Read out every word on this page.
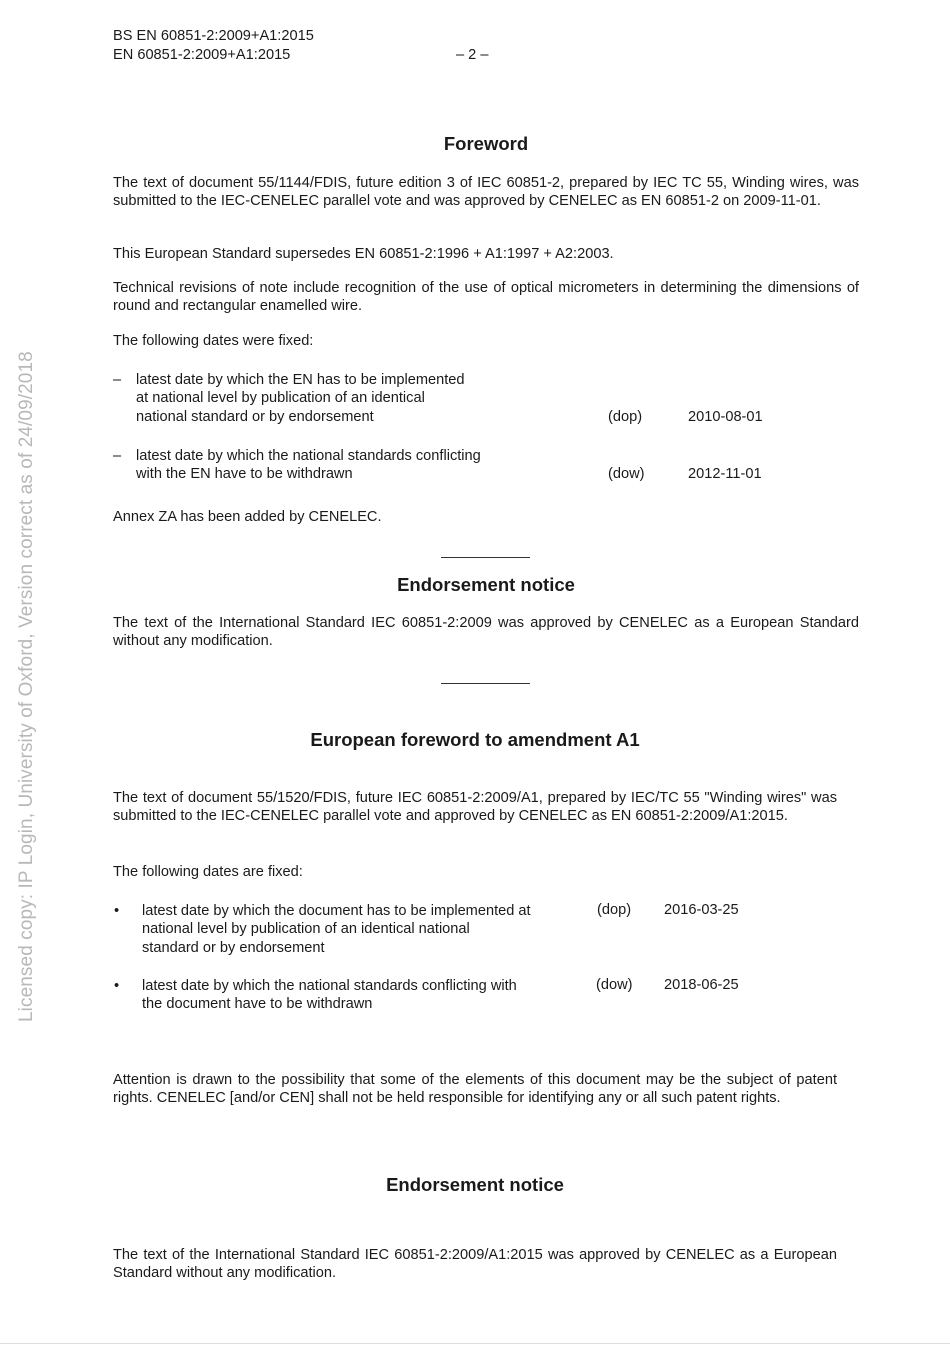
BS EN 60851-2:2009+A1:2015
EN 60851-2:2009+A1:2015	– 2 –
Licensed copy: IP Login, University of Oxford, Version correct as of 24/09/2018
Foreword

The text of document 55/1144/FDIS, future edition 3 of IEC 60851-2, prepared by IEC TC 55, Winding wires, was submitted to the IEC-CENELEC parallel vote and was approved by CENELEC as EN 60851-2 on 2009-11-01.

This European Standard supersedes EN 60851-2:1996 + A1:1997 + A2:2003.

Technical revisions of note include recognition of the use of optical micrometers in determining the dimensions of round and rectangular enamelled wire.

The following dates were fixed:

– latest date by which the EN has to be implemented
at national level by publication of an identical
national standard or by endorsement	(dop)	2010-08-01
– latest date by which the national standards conflicting
with the EN have to be withdrawn	(dow)	2012-11-01

Annex ZA has been added by CENELEC.

Endorsement notice

The text of the International Standard IEC 60851-2:2009 was approved by CENELEC as a European Standard without any modification.

European foreword to amendment A1

The text of document 55/1520/FDIS, future IEC 60851-2:2009/A1, prepared by IEC/TC 55 "Winding wires" was submitted to the IEC-CENELEC parallel vote and approved by CENELEC as EN 60851-2:2009/A1:2015.

The following dates are fixed:

• latest date by which the document has to be implemented at
national level by publication of an identical national
standard or by endorsement
(dop) 2016-03-25
• latest date by which the national standards conflicting with
the document have to be withdrawn
(dow) 2018-06-25

Attention is drawn to the possibility that some of the elements of this document may be the subject of patent rights. CENELEC [and/or CEN] shall not be held responsible for identifying any or all such patent rights.

Endorsement notice

The text of the International Standard IEC 60851-2:2009/A1:2015 was approved by CENELEC as a European Standard without any modification.
